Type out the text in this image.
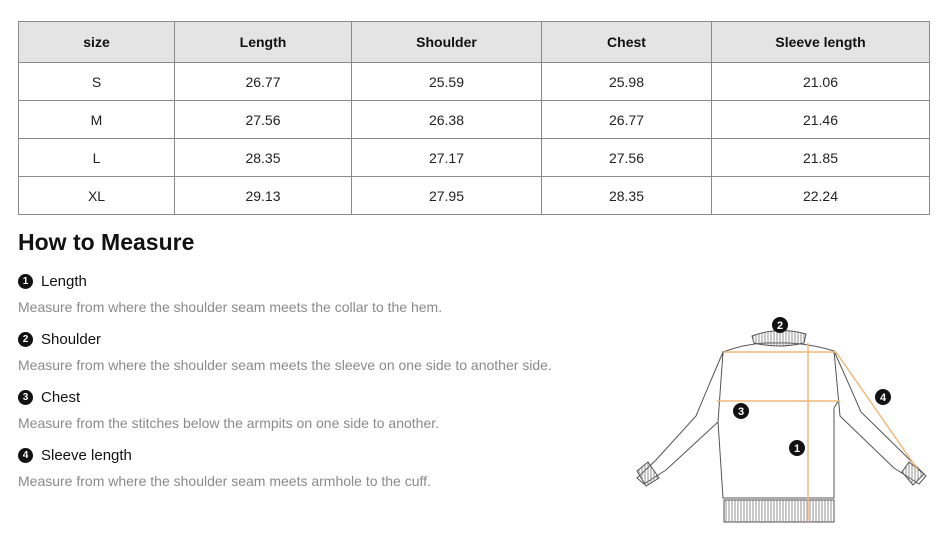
size	Length	Shoulder	Chest	Sleeve length
S	26.77	25.59	25.98	21.06
M	27.56	26.38	26.77	21.46
L	28.35	27.17	27.56	21.85
XL	29.13	27.95	28.35	22.24
How to Measure
1 Length
Measure from where the shoulder seam meets the collar to the hem.
2 Shoulder
Measure from where the shoulder seam meets the sleeve on one side to another side.
3 Chest
Measure from the stitches below the armpits on one side to another.
4 Sleeve length
Measure from where the shoulder seam meets armhole to the cuff.
1
2
3
4
